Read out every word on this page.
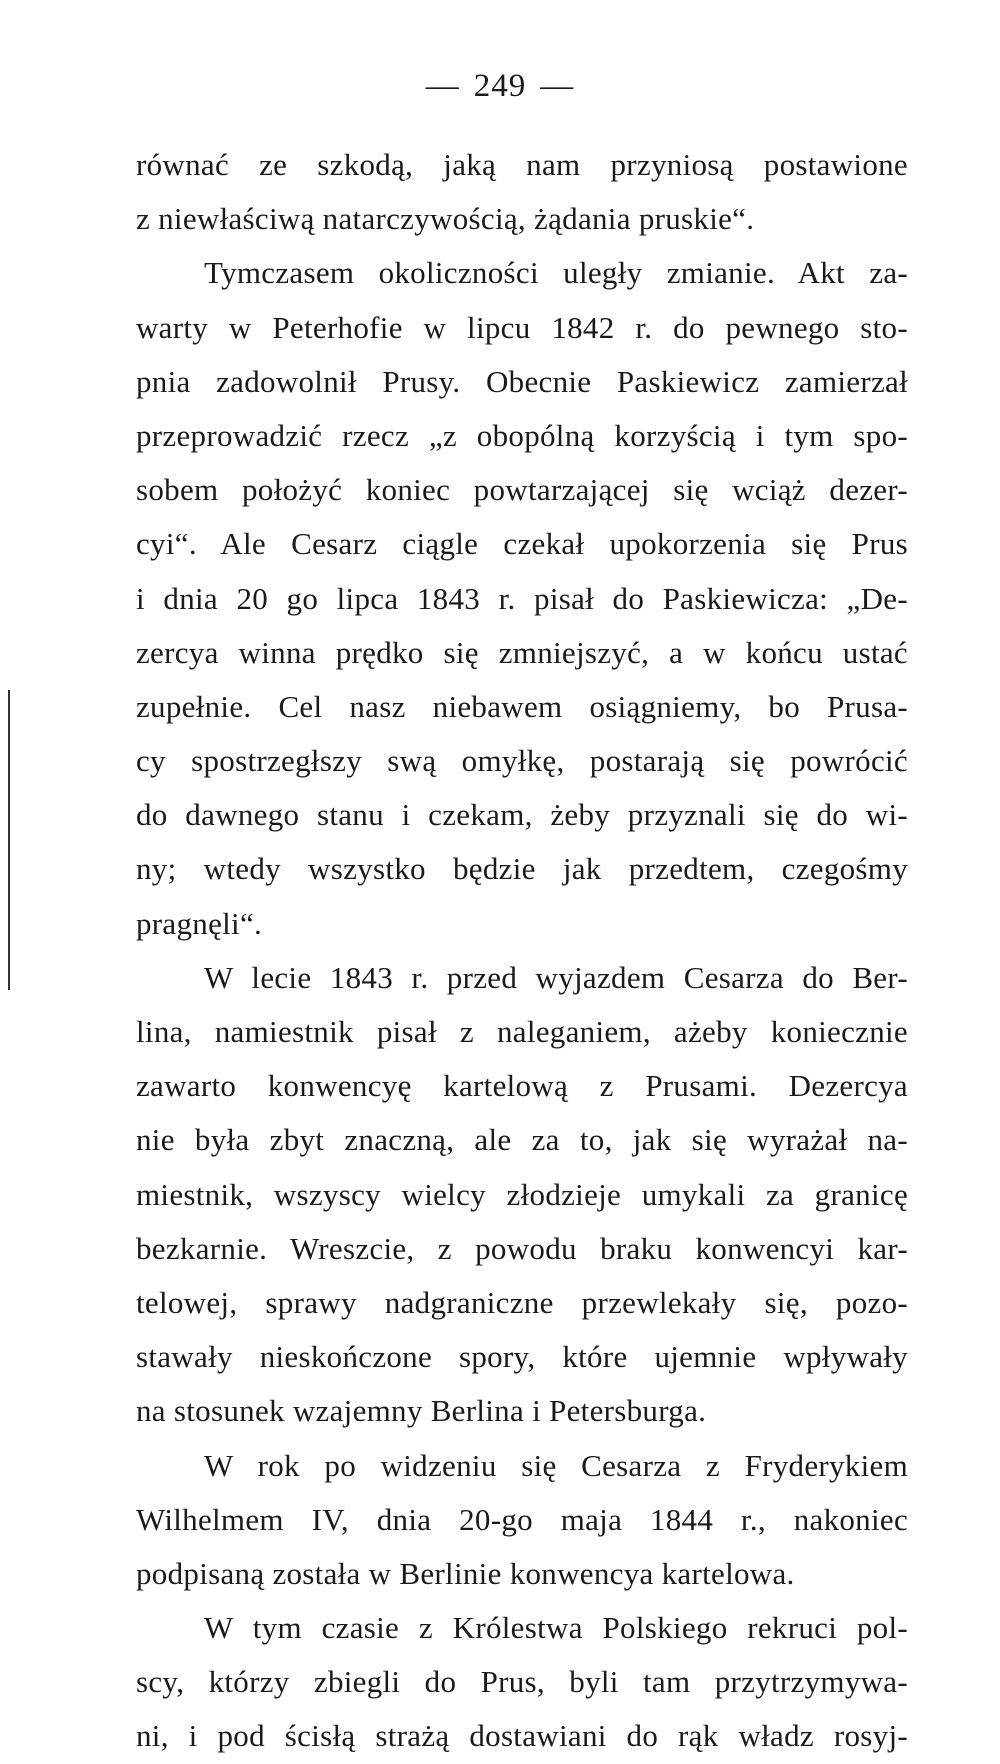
— 249 —
równać ze szkodą, jaką nam przyniosą postawione
z niewłaściwą natarczywością, żądania pruskie“.
Tymczasem okoliczności uległy zmianie. Akt za-
warty w Peterhofie w lipcu 1842 r. do pewnego sto-
pnia zadowolnił Prusy. Obecnie Paskiewicz zamierzał
przeprowadzić rzecz „z obopólną korzyścią i tym spo-
sobem położyć koniec powtarzającej się wciąż dezer-
cyi“. Ale Cesarz ciągle czekał upokorzenia się Prus
i dnia 20 go lipca 1843 r. pisał do Paskiewicza: „De-
zercya winna prędko się zmniejszyć, a w końcu ustać
zupełnie. Cel nasz niebawem osiągniemy, bo Prusa-
cy spostrzegłszy swą omyłkę, postarają się powrócić
do dawnego stanu i czekam, żeby przyznali się do wi-
ny; wtedy wszystko będzie jak przedtem, czegośmy
pragnęli“.
W lecie 1843 r. przed wyjazdem Cesarza do Ber-
lina, namiestnik pisał z naleganiem, ażeby koniecznie
zawarto konwencyę kartelową z Prusami. Dezercya
nie była zbyt znaczną, ale za to, jak się wyrażał na-
miestnik, wszyscy wielcy złodzieje umykali za granicę
bezkarnie. Wreszcie, z powodu braku konwencyi kar-
telowej, sprawy nadgraniczne przewlekały się, pozo-
stawały nieskończone spory, które ujemnie wpływały
na stosunek wzajemny Berlina i Petersburga.
W rok po widzeniu się Cesarza z Fryderykiem
Wilhelmem IV, dnia 20-go maja 1844 r., nakoniec
podpisaną została w Berlinie konwencya kartelowa.
W tym czasie z Królestwa Polskiego rekruci pol-
scy, którzy zbiegli do Prus, byli tam przytrzymywa-
ni, i pod ścisłą strażą dostawiani do rąk władz rosyj-
